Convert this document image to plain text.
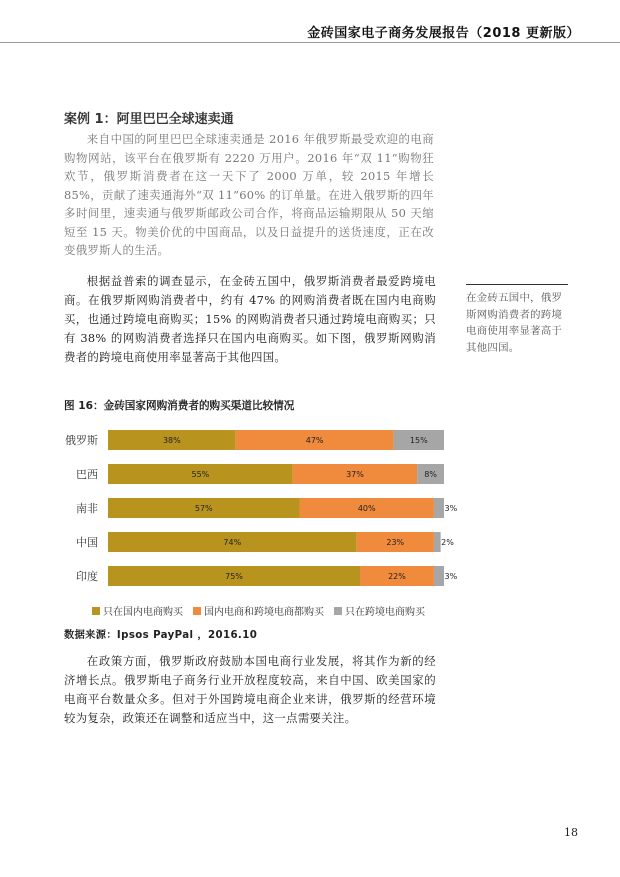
金砖国家电子商务发展报告（2018 更新版）
案例 1：阿里巴巴全球速卖通
来自中国的阿里巴巴全球速卖通是 2016 年俄罗斯最受欢迎的电商购物网站，该平台在俄罗斯有 2220 万用户。2016 年“双 11”购物狂欢节，俄罗斯消费者在这一天下了 2000 万单，较 2015 年增长 85%，贡献了速卖通海外“双 11”60% 的订单量。在进入俄罗斯的四年多时间里，速卖通与俄罗斯邮政公司合作，将商品运输期限从 50 天缩短至 15 天。物美价优的中国商品，以及日益提升的送货速度，正在改变俄罗斯人的生活。
根据益普索的调查显示，在金砖五国中，俄罗斯消费者最爱跨境电商。在俄罗斯网购消费者中，约有 47% 的网购消费者既在国内电商购买，也通过跨境电商购买；15% 的网购消费者只通过跨境电商购买；只有 38% 的网购消费者选择只在国内电商购买。如下图，俄罗斯网购消费者的跨境电商使用率显著高于其他四国。
在金砖五国中，俄罗斯网购消费者的跨境电商使用率显著高于其他四国。
图 16：金砖国家网购消费者的购买渠道比较情况
俄罗斯	38%	47%	15%
巴西	55%	37%	8%
南非	57%	40%	3%
中国	74%	23%	2%
印度	75%	22%	3%
只在国内电商购买 国内电商和跨境电商都购买 只在跨境电商购买
数据来源：Ipsos PayPal ，2016.10
在政策方面，俄罗斯政府鼓励本国电商行业发展，将其作为新的经济增长点。俄罗斯电子商务行业开放程度较高，来自中国、欧美国家的电商平台数量众多。但对于外国跨境电商企业来讲，俄罗斯的经营环境较为复杂，政策还在调整和适应当中，这一点需要关注。
18
